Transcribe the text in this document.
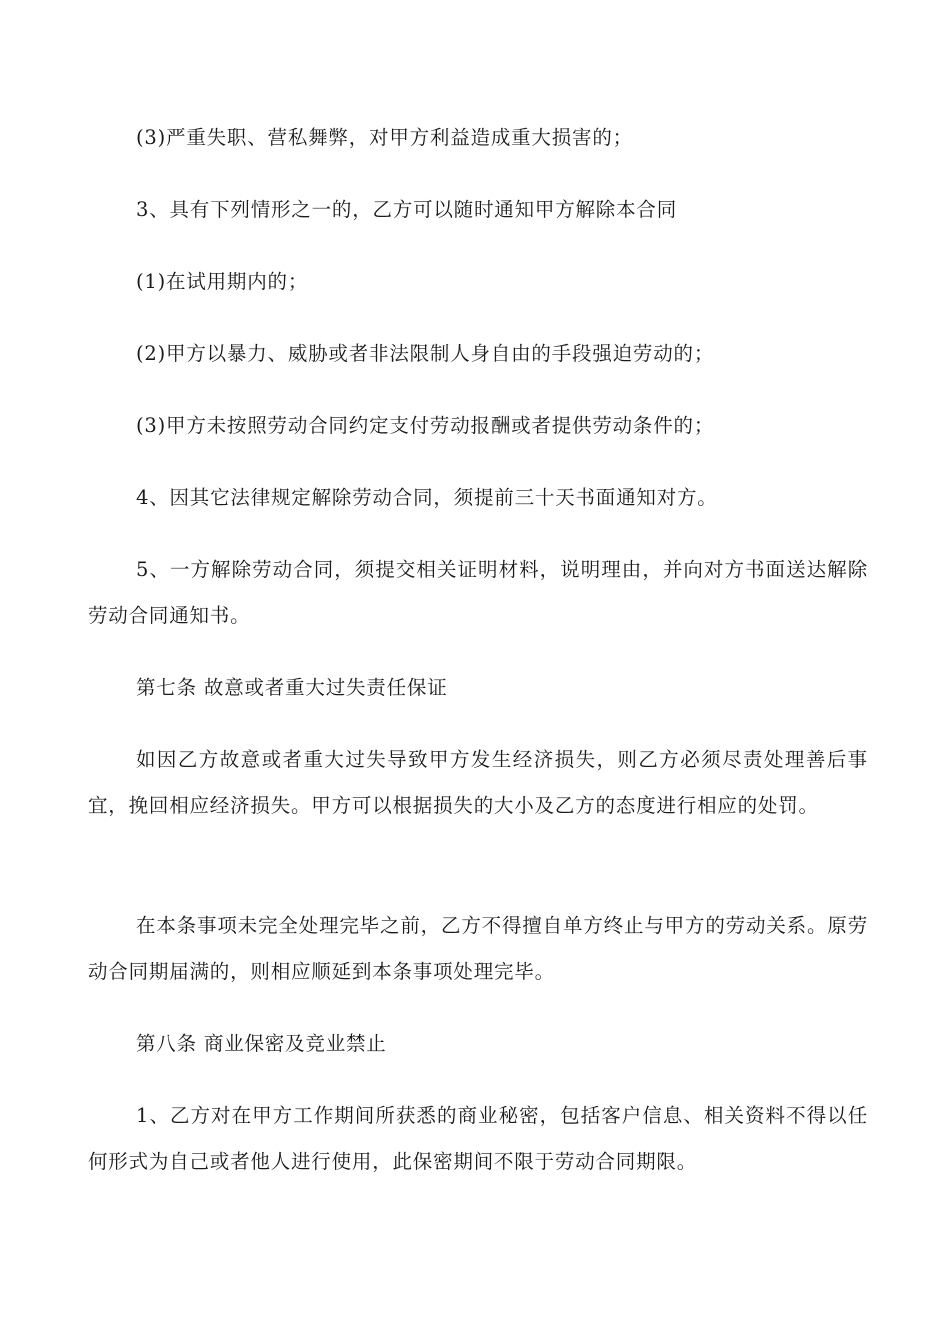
(3)严重失职、营私舞弊，对甲方利益造成重大损害的；

3、具有下列情形之一的，乙方可以随时通知甲方解除本合同

(1)在试用期内的；

(2)甲方以暴力、威胁或者非法限制人身自由的手段强迫劳动的；

(3)甲方未按照劳动合同约定支付劳动报酬或者提供劳动条件的；

4、因其它法律规定解除劳动合同，须提前三十天书面通知对方。

5、一方解除劳动合同，须提交相关证明材料，说明理由，并向对方书面送达解除劳动合同通知书。

第七条 故意或者重大过失责任保证

如因乙方故意或者重大过失导致甲方发生经济损失，则乙方必须尽责处理善后事宜，挽回相应经济损失。甲方可以根据损失的大小及乙方的态度进行相应的处罚。

在本条事项未完全处理完毕之前，乙方不得擅自单方终止与甲方的劳动关系。原劳动合同期届满的，则相应顺延到本条事项处理完毕。

第八条 商业保密及竞业禁止

1、乙方对在甲方工作期间所获悉的商业秘密，包括客户信息、相关资料不得以任何形式为自己或者他人进行使用，此保密期间不限于劳动合同期限。
